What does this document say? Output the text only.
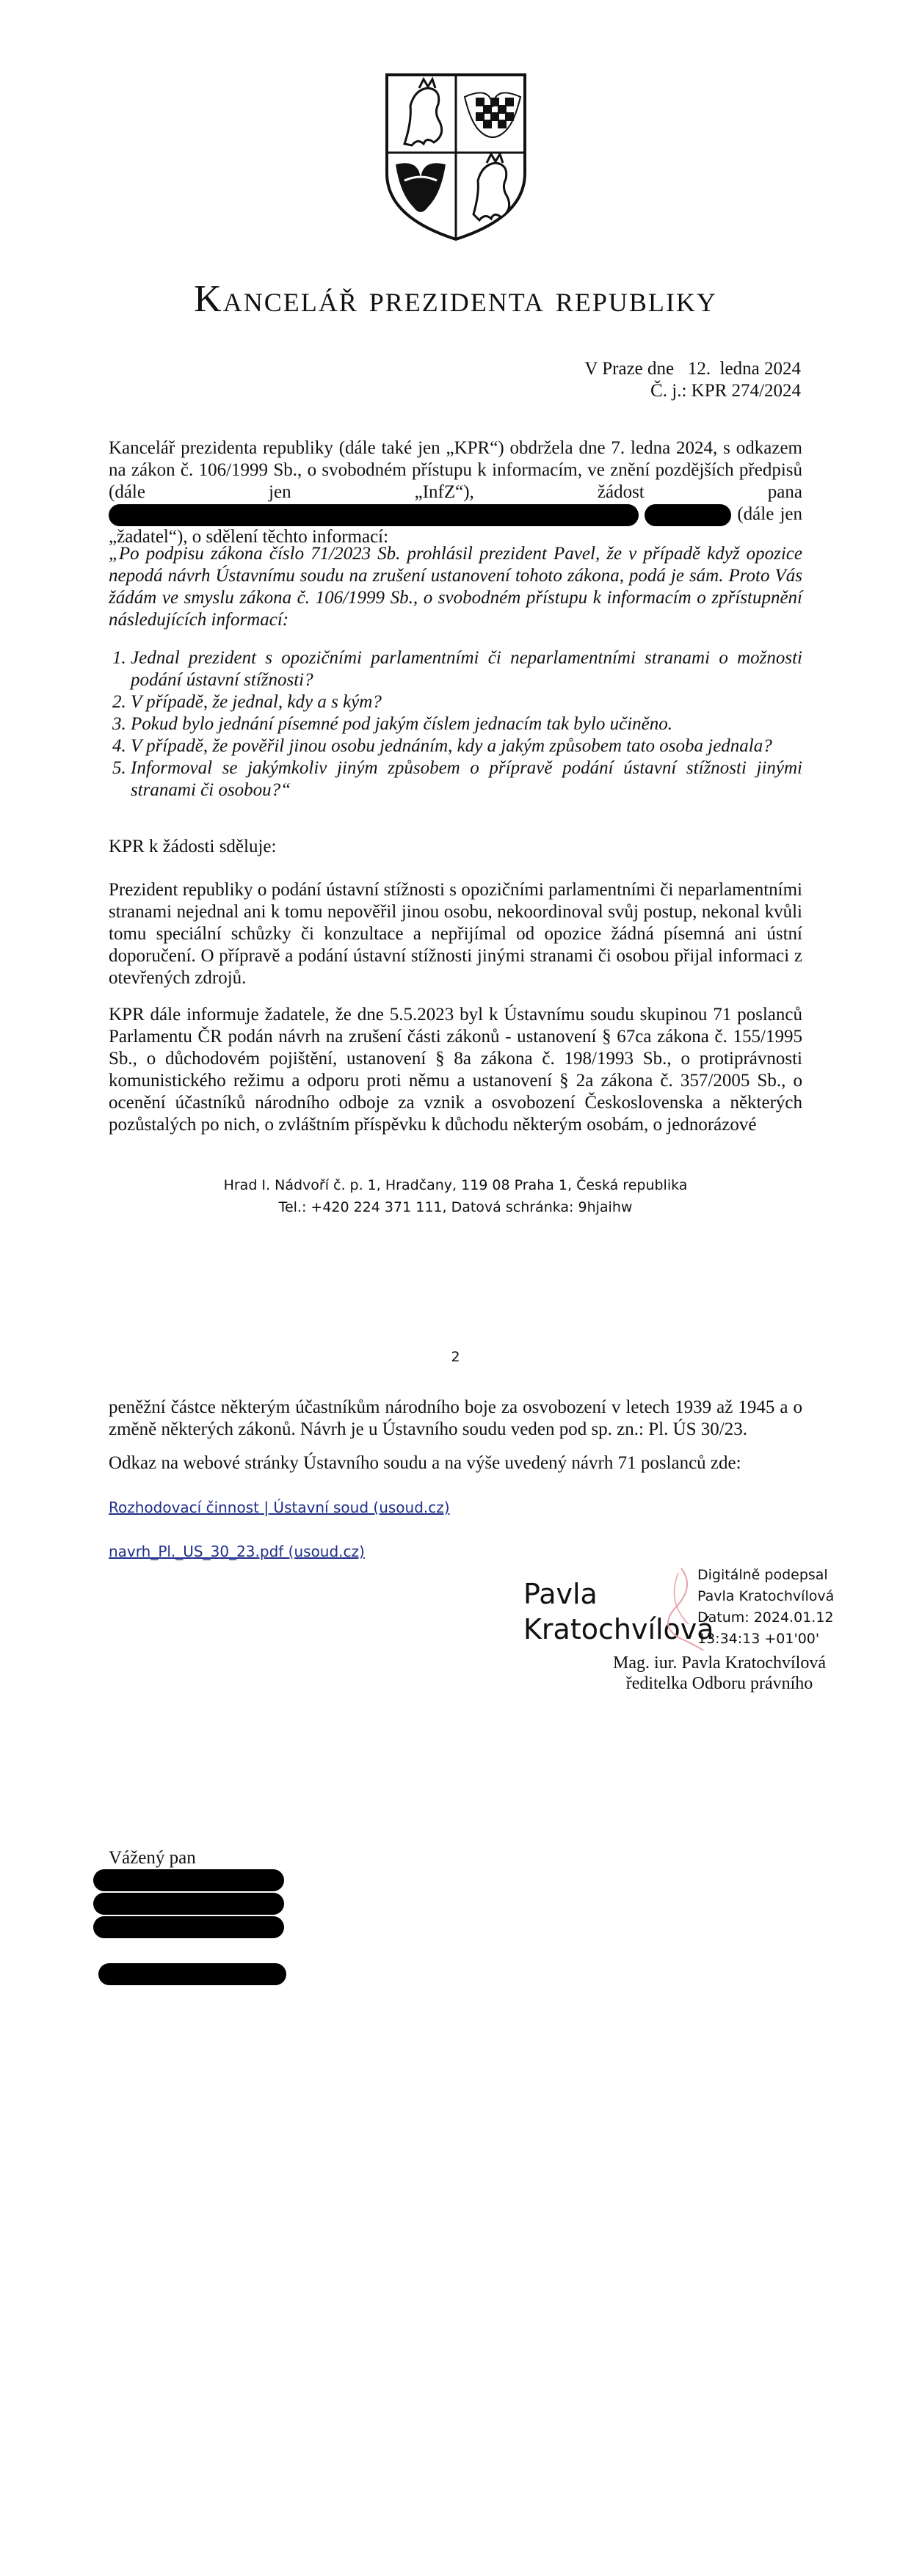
Kancelář prezidenta republiky
V Praze dne   12.  ledna 2024
Č. j.: KPR 274/2024
Kancelář prezidenta republiky (dále také jen „KPR“) obdržela dne 7. ledna 2024, s odkazem na zákon č. 106/1999 Sb., o svobodném přístupu k informacím, ve znění pozdějších předpisů (dále jen „InfZ“), žádost pana   (dále jen „žadatel“), o sdělení těchto informací:
„Po podpisu zákona číslo 71/2023 Sb. prohlásil prezident Pavel, že v případě když opozice nepodá návrh Ústavnímu soudu na zrušení ustanovení tohoto zákona, podá je sám. Proto Vás žádám ve smyslu zákona č. 106/1999 Sb., o svobodném přístupu k informacím o zpřístupnění následujících informací:
1. Jednal prezident s opozičními parlamentními či neparlamentními stranami o možnosti podání ústavní stížnosti?
2. V případě, že jednal, kdy a s kým?
3. Pokud bylo jednání písemné pod jakým číslem jednacím tak bylo učiněno.
4. V případě, že pověřil jinou osobu jednáním, kdy a jakým způsobem tato osoba jednala?
5. Informoval se jakýmkoliv jiným způsobem o přípravě podání ústavní stížnosti jinými stranami či osobou?“
KPR k žádosti sděluje:
Prezident republiky o podání ústavní stížnosti s opozičními parlamentními či neparlamentními stranami nejednal ani k tomu nepověřil jinou osobu, nekoordinoval svůj postup, nekonal kvůli tomu speciální schůzky či konzultace a nepřijímal od opozice žádná písemná ani ústní doporučení. O přípravě a podání ústavní stížnosti jinými stranami či osobou přijal informaci z otevřených zdrojů.
KPR dále informuje žadatele, že dne 5.5.2023 byl k Ústavnímu soudu skupinou 71 poslanců Parlamentu ČR podán návrh na zrušení části zákonů - ustanovení § 67ca zákona č. 155/1995 Sb., o důchodovém pojištění, ustanovení § 8a zákona č. 198/1993 Sb., o protiprávnosti komunistického režimu a odporu proti němu a ustanovení § 2a zákona č. 357/2005 Sb., o ocenění účastníků národního odboje za vznik a osvobození Československa a některých pozůstalých po nich, o zvláštním příspěvku k důchodu některým osobám, o jednorázové
Hrad I. Nádvoří č. p. 1, Hradčany, 119 08 Praha 1, Česká republika
Tel.: +420 224 371 111, Datová schránka: 9hjaihw
2
peněžní částce některým účastníkům národního boje za osvobození v letech 1939 až 1945 a o změně některých zákonů. Návrh je u Ústavního soudu veden pod sp. zn.: Pl. ÚS 30/23.
Odkaz na webové stránky Ústavního soudu a na výše uvedený návrh 71 poslanců zde:
Rozhodovací činnost | Ústavní soud (usoud.cz)
navrh_Pl._US_30_23.pdf (usoud.cz)
Pavla
Kratochvílová
Digitálně podepsal
Pavla Kratochvílová
Datum: 2024.01.12
13:34:13 +01'00'
Mag. iur. Pavla Kratochvílová
ředitelka Odboru právního
Vážený pan
